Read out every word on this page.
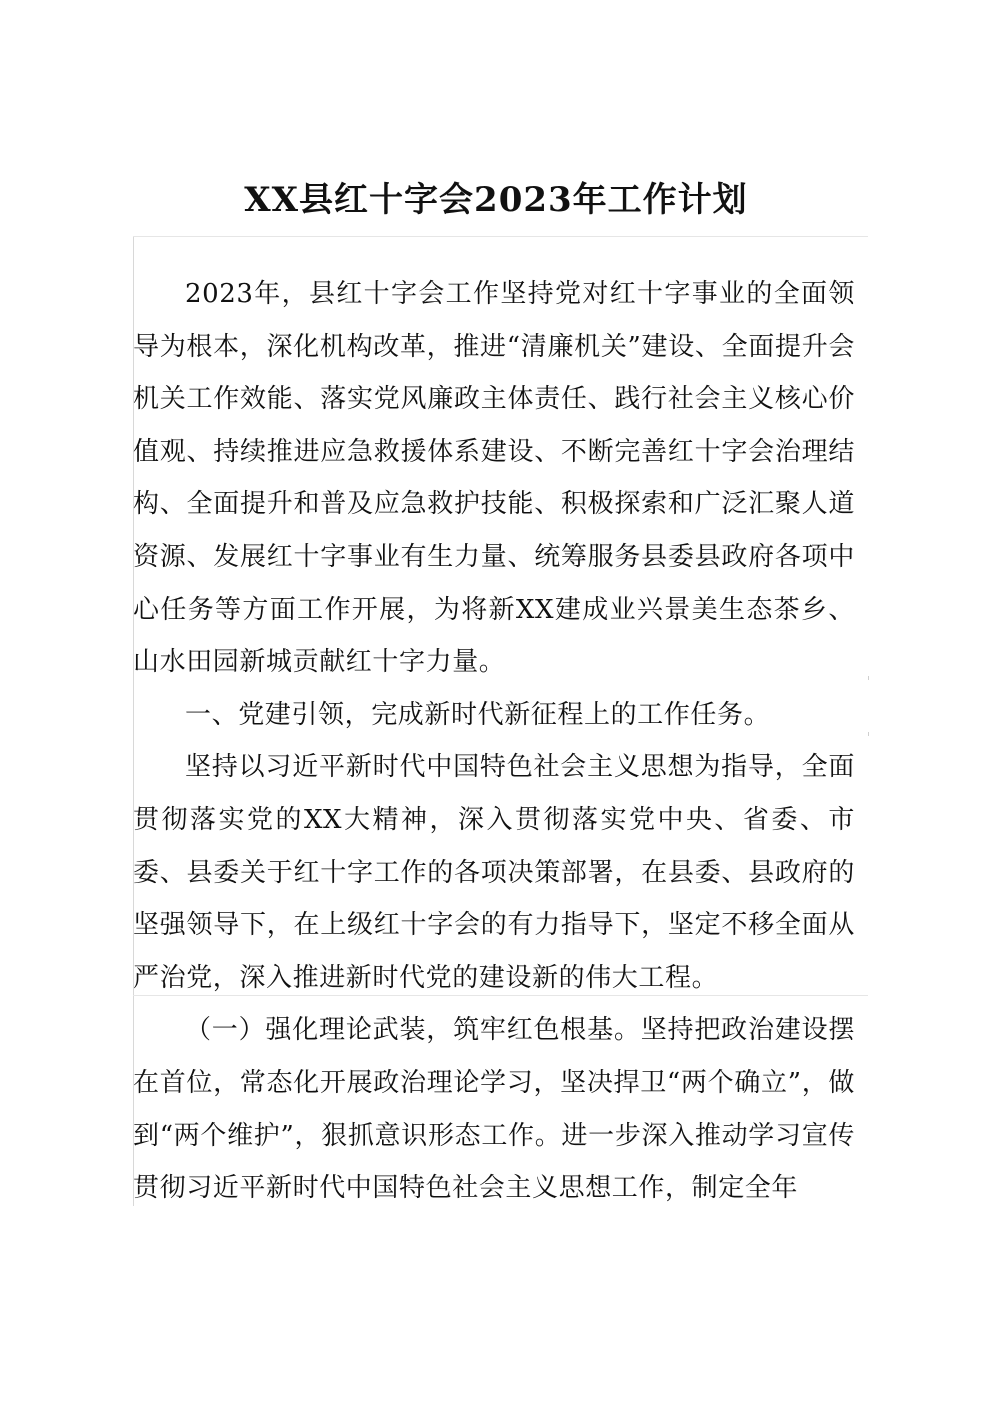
XX县红十字会2023年工作计划

2023年，县红十字会工作坚持党对红十字事业的全面领导为根本，深化机构改革，推进“清廉机关”建设、全面提升会机关工作效能、落实党风廉政主体责任、践行社会主义核心价值观、持续推进应急救援体系建设、不断完善红十字会治理结构、全面提升和普及应急救护技能、积极探索和广泛汇聚人道资源、发展红十字事业有生力量、统筹服务县委县政府各项中心任务等方面工作开展，为将新XX建成业兴景美生态茶乡、山水田园新城贡献红十字力量。

一、党建引领，完成新时代新征程上的工作任务。

坚持以习近平新时代中国特色社会主义思想为指导，全面贯彻落实党的XX大精神，深入贯彻落实党中央、省委、市委、县委关于红十字工作的各项决策部署，在县委、县政府的坚强领导下，在上级红十字会的有力指导下，坚定不移全面从严治党，深入推进新时代党的建设新的伟大工程。

（一）强化理论武装，筑牢红色根基。坚持把政治建设摆在首位，常态化开展政治理论学习，坚决捍卫“两个确立”，做到“两个维护”，狠抓意识形态工作。进一步深入推动学习宣传贯彻习近平新时代中国特色社会主义思想工作，制定全年
